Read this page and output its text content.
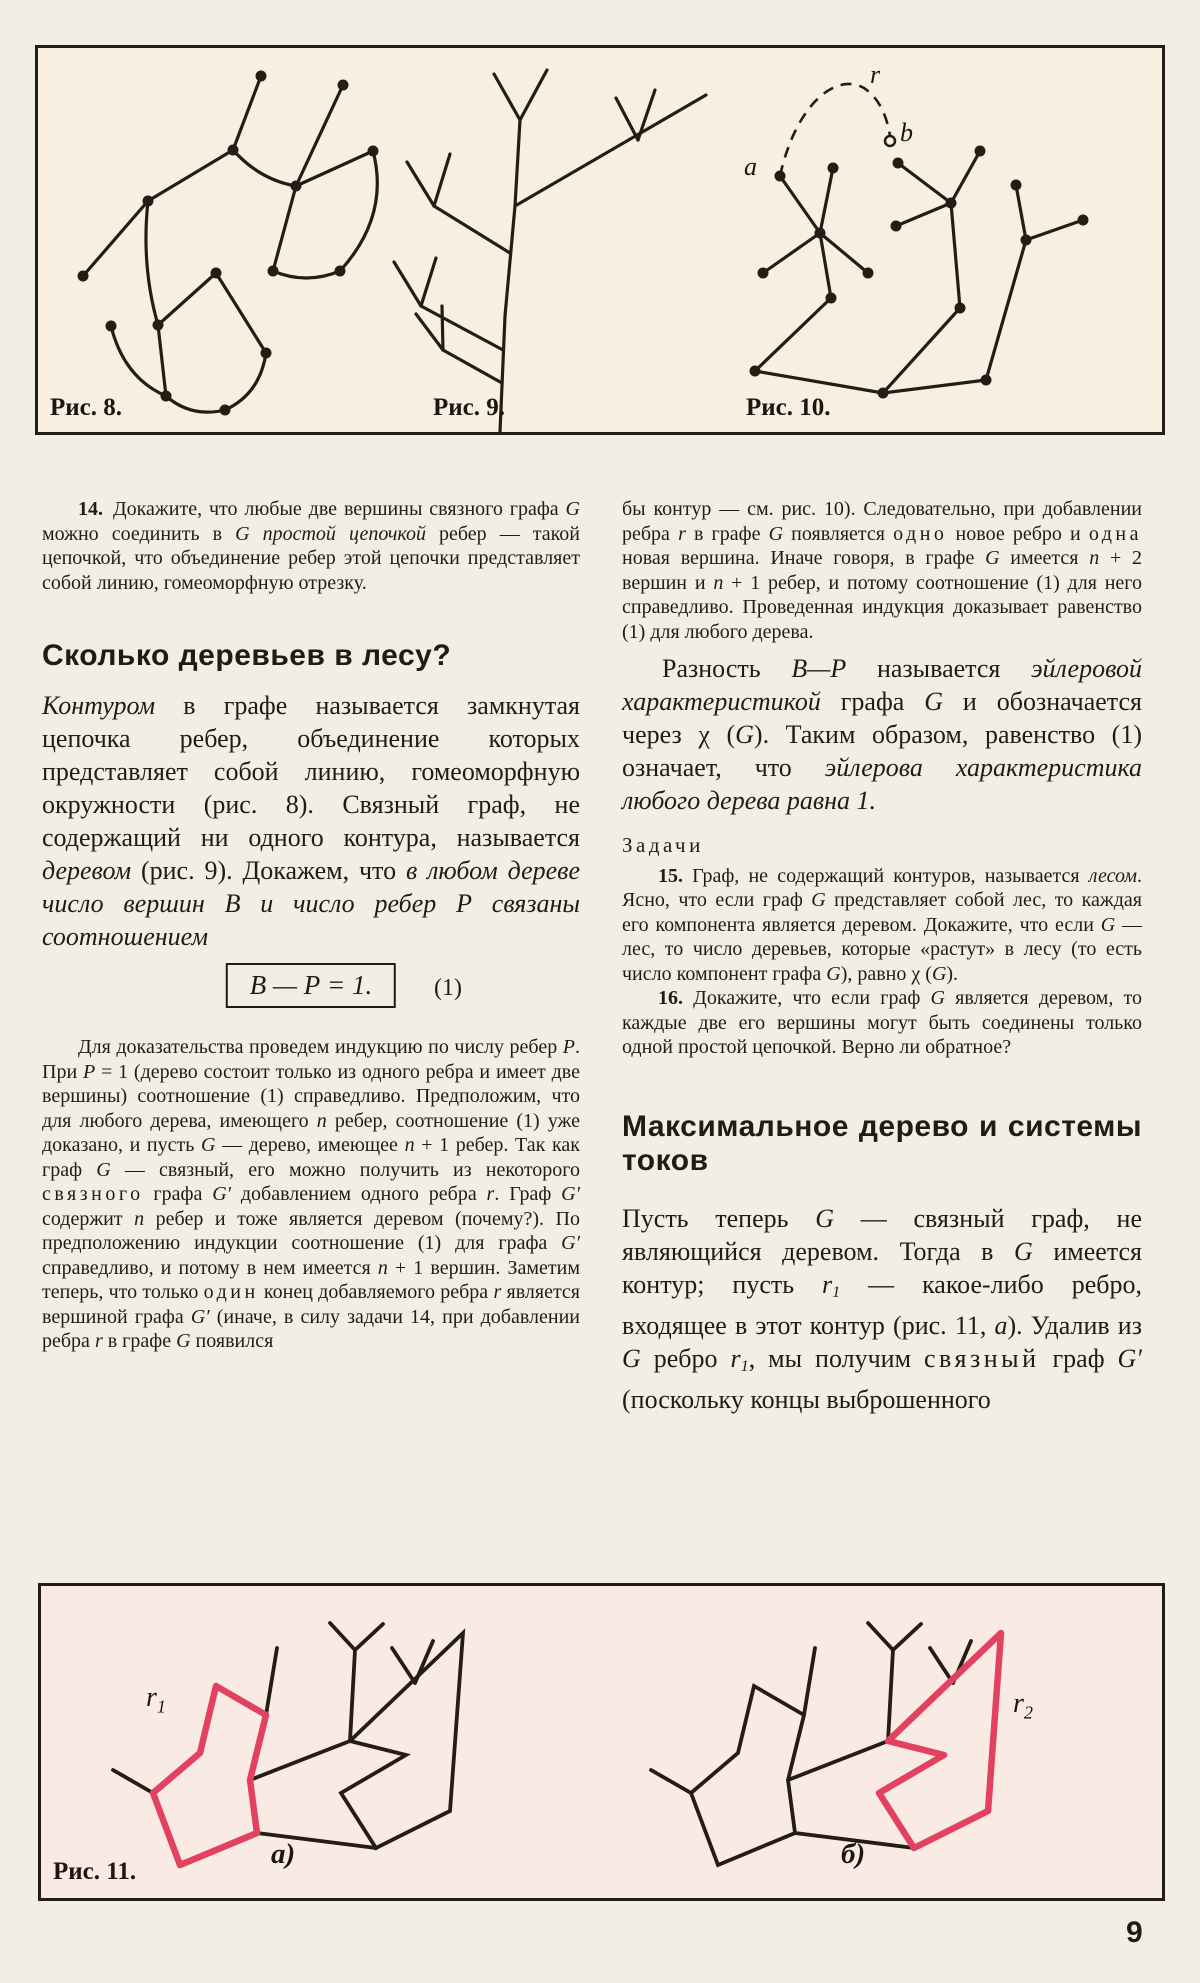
a
b
r
Рис. 8.	Рис. 9.	Рис. 10.

14. Докажите, что любые две вершины связного графа G можно соединить в G простой цепочкой ребер — такой цепочкой, что объединение ребер этой цепочки представляет собой линию, гомеоморфную отрезку.

Сколько деревьев в лесу?

Контуром в графе называется замкнутая цепочка ребер, объединение которых представляет собой линию, гомеоморфную окружности (рис. 8). Связный граф, не содержащий ни одного контура, называется деревом (рис. 9). Докажем, что в любом дереве число вершин В и число ребер Р связаны соотношением

В — Р = 1.	(1)

Для доказательства проведем индукцию по числу ребер Р. При Р = 1 (дерево состоит только из одного ребра и имеет две вершины) соотношение (1) справедливо. Предположим, что для любого дерева, имеющего n ребер, соотношение (1) уже доказано, и пусть G — дерево, имеющее n + 1 ребер. Так как граф G — связный, его можно получить из некоторого связного графа G′ добавлением одного ребра r. Граф G′ содержит n ребер и тоже является деревом (почему?). По предположению индукции соотношение (1) для графа G′ справедливо, и потому в нем имеется n + 1 вершин. Заметим теперь, что только один конец добавляемого ребра r является вершиной графа G′ (иначе, в силу задачи 14, при добавлении ребра r в графе G появился

бы контур — см. рис. 10). Следовательно, при добавлении ребра r в графе G появляется одно новое ребро и одна новая вершина. Иначе говоря, в графе G имеется n + 2 вершин и n + 1 ребер, и потому соотношение (1) для него справедливо. Проведенная индукция доказывает равенство (1) для любого дерева.

Разность В—Р называется эйлеровой характеристикой графа G и обозначается через χ (G). Таким образом, равенство (1) означает, что эйлерова характеристика любого дерева равна 1.

Задачи

15. Граф, не содержащий контуров, называется лесом. Ясно, что если граф G представляет собой лес, то каждая его компонента является деревом. Докажите, что если G — лес, то число деревьев, которые «растут» в лесу (то есть число компонент графа G), равно χ (G).

16. Докажите, что если граф G является деревом, то каждые две его вершины могут быть соединены только одной простой цепочкой. Верно ли обратное?

Максимальное дерево и системы токов

Пусть теперь G — связный граф, не являющийся деревом. Тогда в G имеется контур; пусть r1 — какое-либо ребро, входящее в этот контур (рис. 11, а). Удалив из G ребро r1, мы получим связный граф G′ (поскольку концы выброшенного

$r_1$	$r_2$
а)	б)
Рис. 11.
9
